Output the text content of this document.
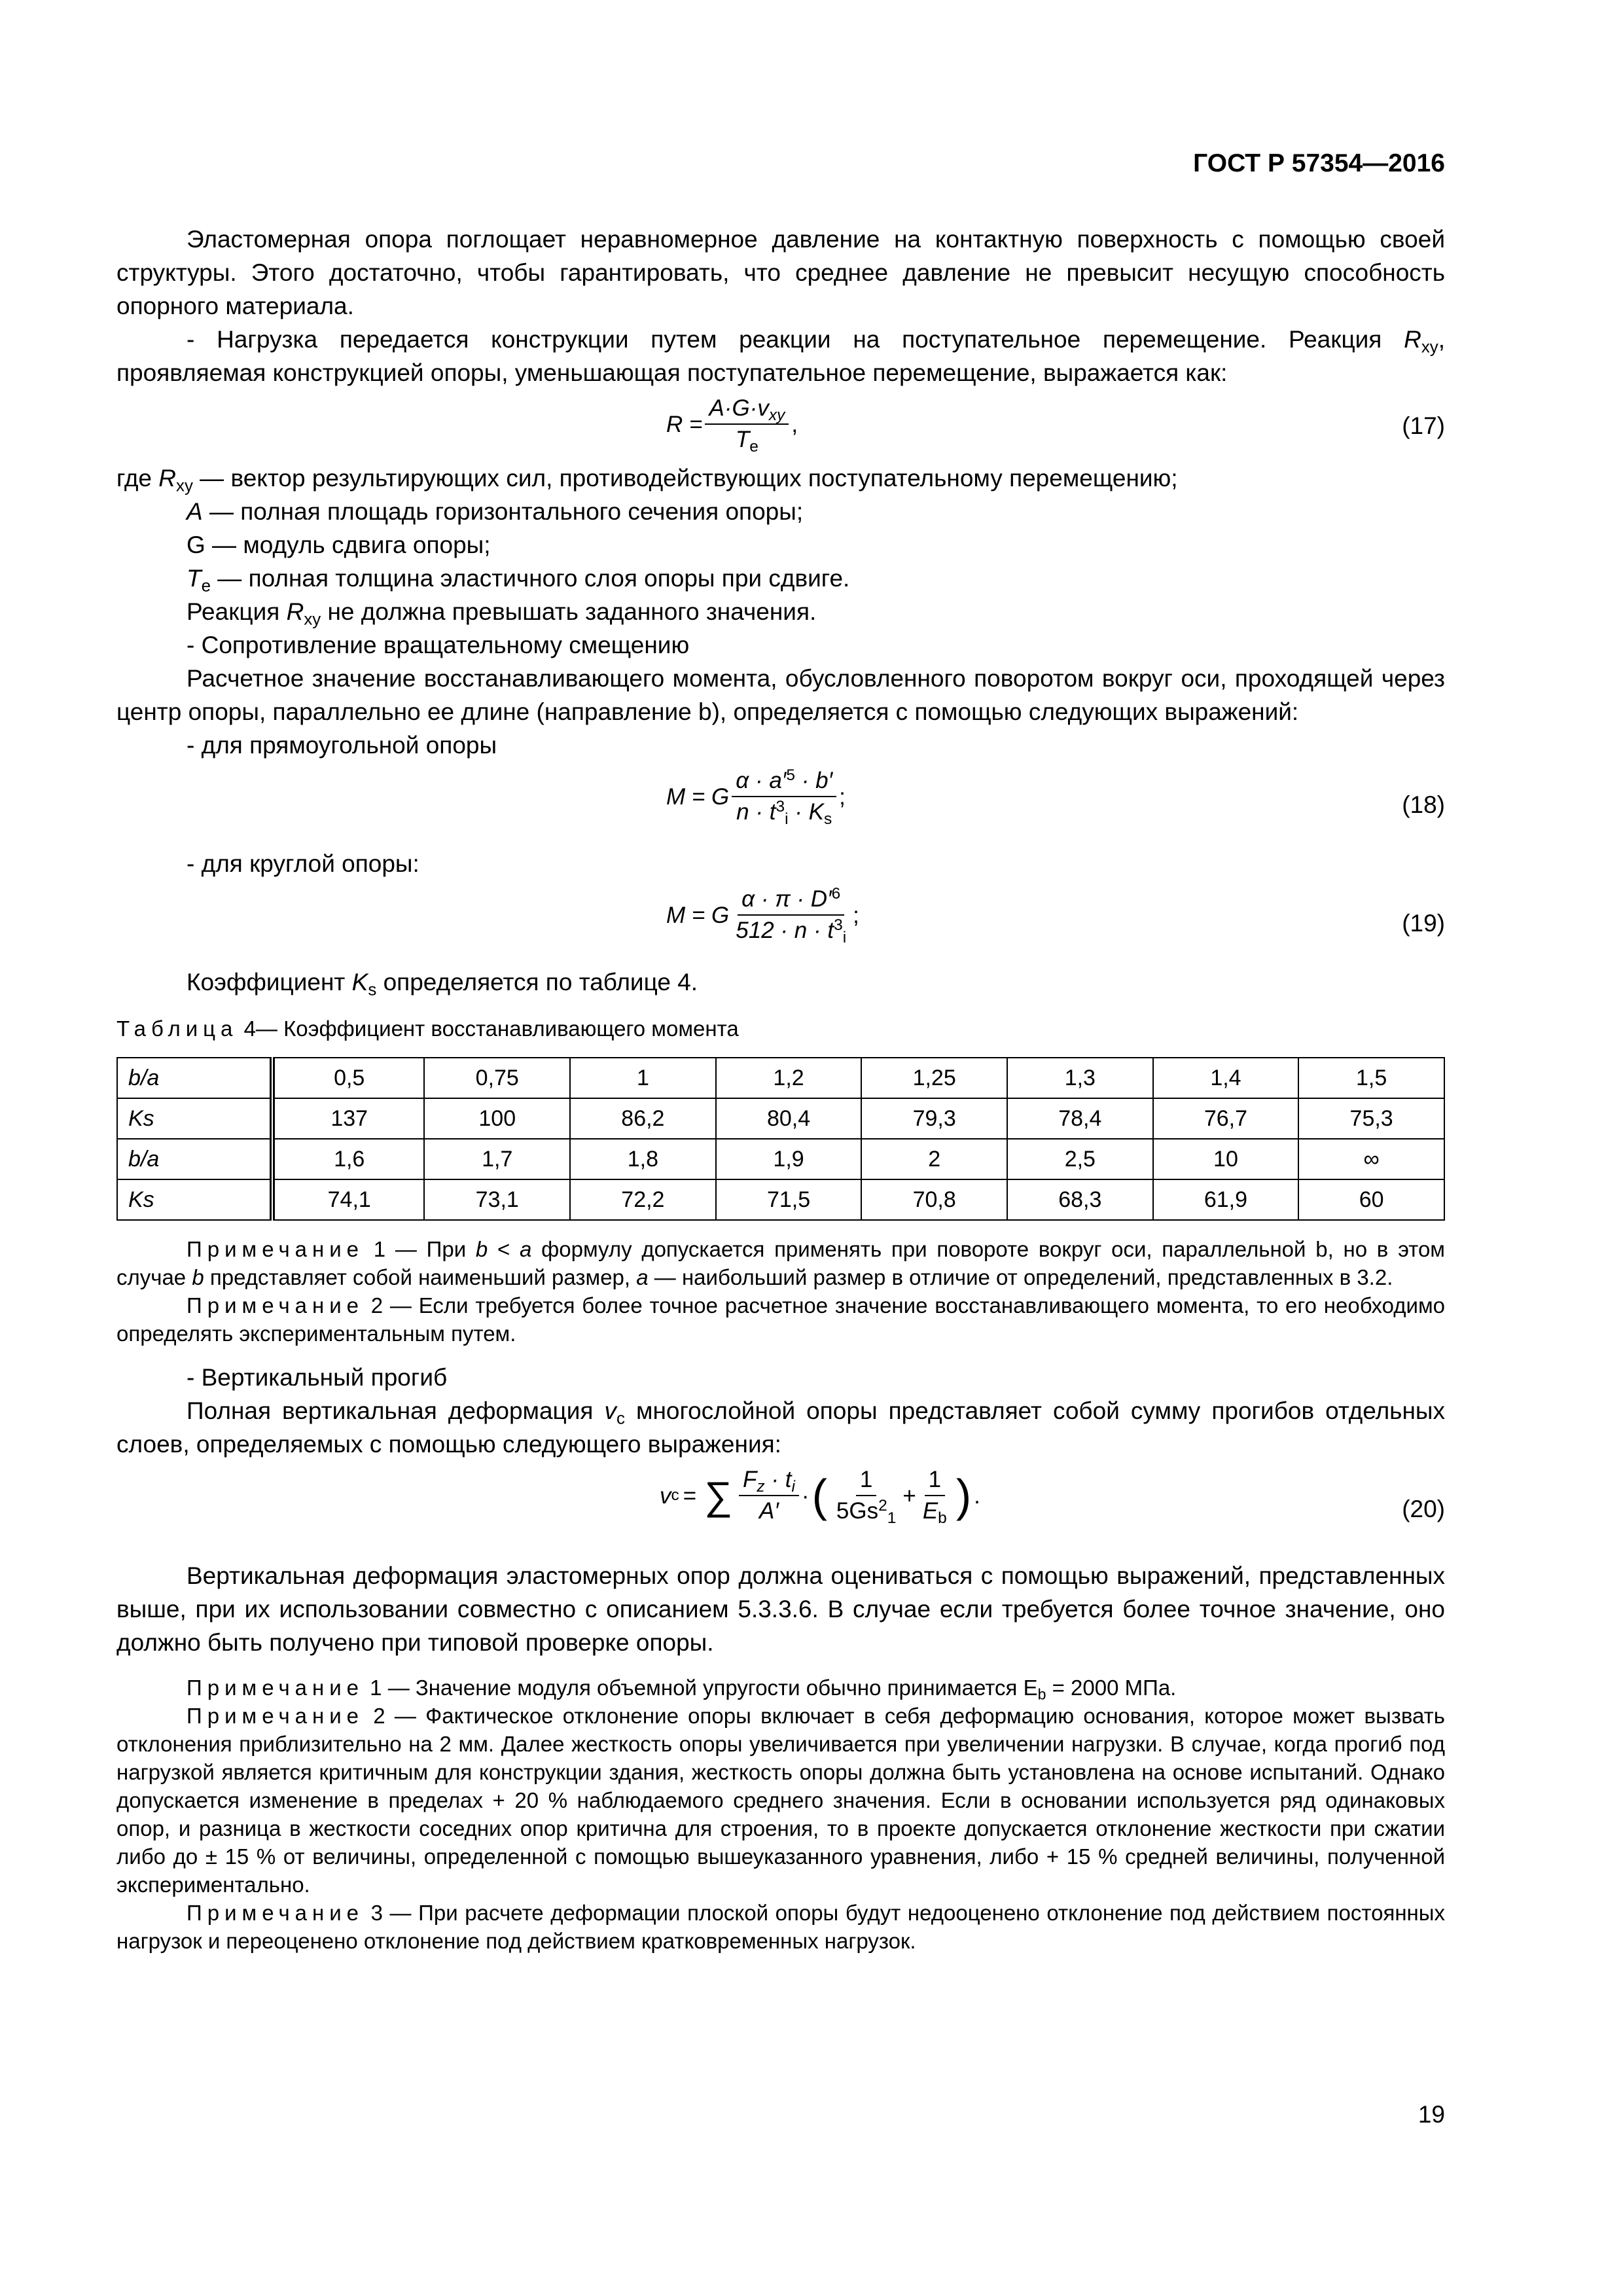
ГОСТ Р 57354—2016

Эластомерная опора поглощает неравномерное давление на контактную поверхность с помощью своей структуры. Этого достаточно, чтобы гарантировать, что среднее давление не превысит несущую способность опорного материала.

- Нагрузка передается конструкции путем реакции на поступательное перемещение. Реакция $R_{xy}$, проявляемая конструкцией опоры, уменьшающая поступательное перемещение, выражается как:

$R = \frac{A\cdot G\cdot v_{xy}}{T_e}$ ,	(17)

где $R_{xy}$ — вектор результирующих сил, противодействующих поступательному перемещению;

A — полная площадь горизонтального сечения опоры;

G — модуль сдвига опоры;

$T_e$ — полная толщина эластичного слоя опоры при сдвиге.

Реакция $R_{xy}$ не должна превышать заданного значения.

- Сопротивление вращательному смещению

Расчетное значение восстанавливающего момента, обусловленного поворотом вокруг оси, проходящей через центр опоры, параллельно ее длине (направление b), определяется с помощью следующих выражений:

- для прямоугольной опоры

M = G $\frac{\alpha \cdot a'^5 \cdot b'}{n \cdot t^3_i \cdot K_s}$ ;	(18)

- для круглой опоры:

M = G $\frac{\alpha \cdot \pi \cdot D'^6}{512 \cdot n \cdot t^3_i}$ ;	(19)

Коэффициент $K_s$ определяется по таблице 4.

Таблица 4— Коэффициент восстанавливающего момента
b/a	0,5	0,75	1	1,2	1,25	1,3	1,4	1,5
Ks	137	100	86,2	80,4	79,3	78,4	76,7	75,3
b/a	1,6	1,7	1,8	1,9	2	2,5	10	∞
Ks	74,1	73,1	72,2	71,5	70,8	68,3	61,9	60

Примечание 1 — При b < a формулу допускается применять при повороте вокруг оси, параллельной b, но в этом случае b представляет собой наименьший размер, a — наибольший размер в отличие от определений, представленных в 3.2.

Примечание 2 — Если требуется более точное расчетное значение восстанавливающего момента, то его необходимо определять экспериментальным путем.

- Вертикальный прогиб

Полная вертикальная деформация $v_c$ многослойной опоры представляет собой сумму прогибов отдельных слоев, определяемых с помощью следующего выражения:

v c = ∑ $\frac{F_z \cdot t_i}{A'}$ · ( $\frac{1}{5Gs^2_1} + \frac{1}{E_b}$ ) .	(20)

Вертикальная деформация эластомерных опор должна оцениваться с помощью выражений, представленных выше, при их использовании совместно с описанием 5.3.3.6. В случае если требуется более точное значение, оно должно быть получено при типовой проверке опоры.

Примечание 1 — Значение модуля объемной упругости обычно принимается $E_b = 2000$ МПа.

Примечание 2 — Фактическое отклонение опоры включает в себя деформацию основания, которое может вызвать отклонения приблизительно на 2 мм. Далее жесткость опоры увеличивается при увеличении нагрузки. В случае, когда прогиб под нагрузкой является критичным для конструкции здания, жесткость опоры должна быть установлена на основе испытаний. Однако допускается изменение в пределах + 20 % наблюдаемого среднего значения. Если в основании используется ряд одинаковых опор, и разница в жесткости соседних опор критична для строения, то в проекте допускается отклонение жесткости при сжатии либо до ± 15 % от величины, определенной с помощью вышеуказанного уравнения, либо + 15 % средней величины, полученной экспериментально.

Примечание 3 — При расчете деформации плоской опоры будут недооценено отклонение под действием постоянных нагрузок и переоценено отклонение под действием кратковременных нагрузок.

19
